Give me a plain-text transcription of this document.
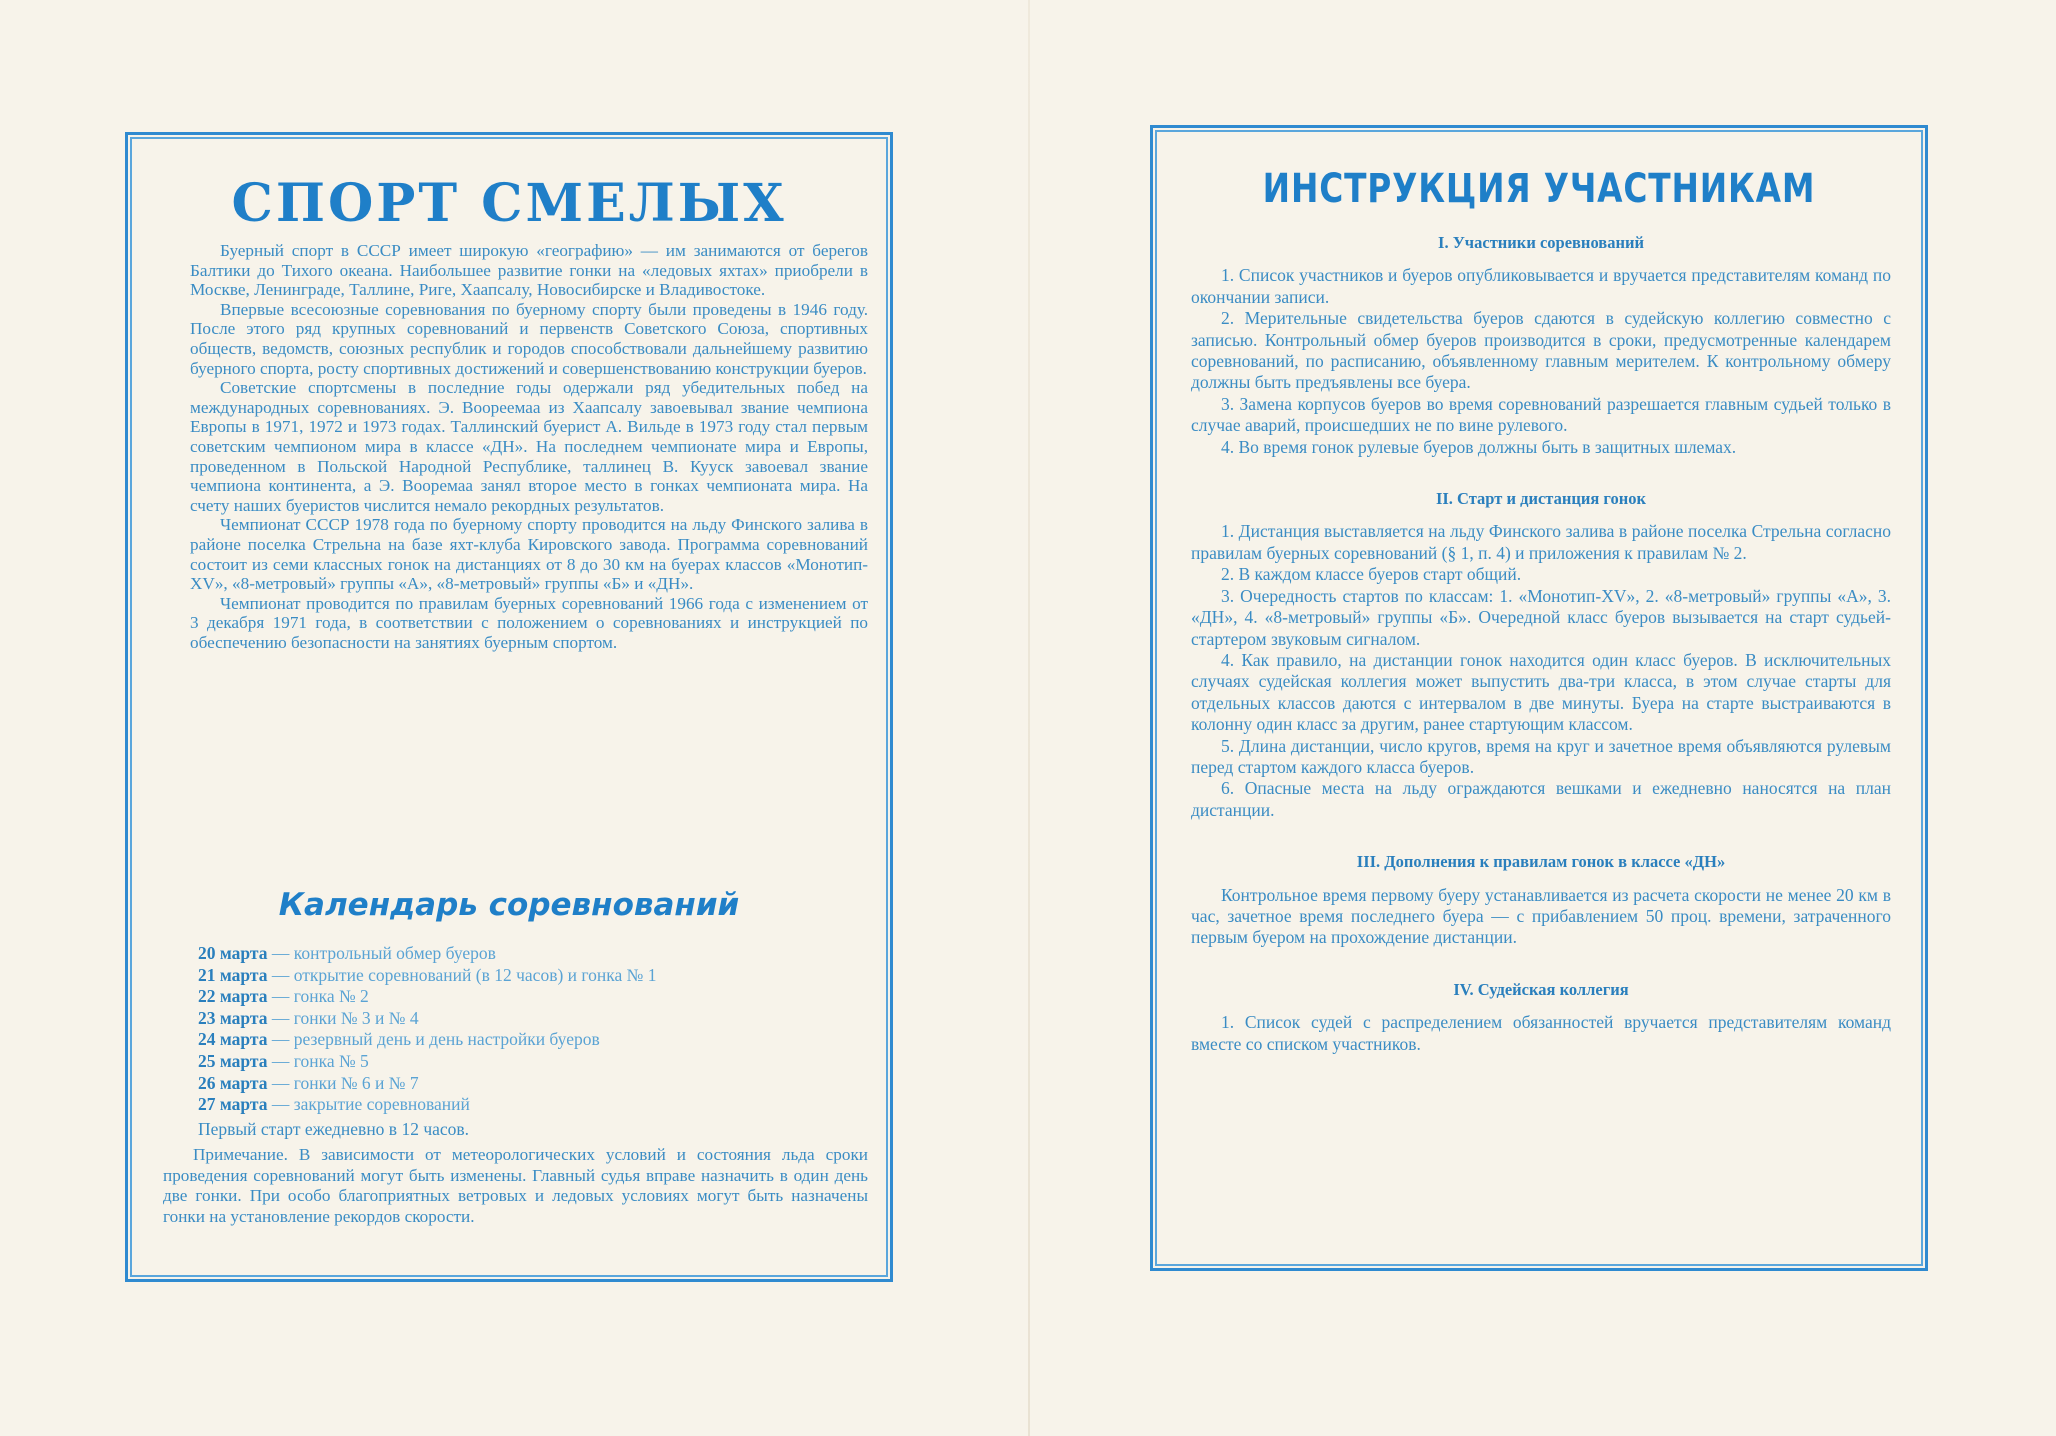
СПОРТ СМЕЛЫХ

Буерный спорт в СССР имеет широкую «географию» — им занимаются от берегов Балтики до Тихого океана. Наибольшее развитие гонки на «ледовых яхтах» приобрели в Москве, Ленинграде, Таллине, Риге, Хаапсалу, Новосибирске и Владивостоке.

Впервые всесоюзные соревнования по буерному спорту были проведены в 1946 году. После этого ряд крупных соревнований и первенств Советского Союза, спортивных обществ, ведомств, союзных республик и городов способствовали дальнейшему развитию буерного спорта, росту спортивных достижений и совершенствованию конструкции буеров.

Советские спортсмены в последние годы одержали ряд убедительных побед на международных соревнованиях. Э. Воореемаа из Хаапсалу завоевывал звание чемпиона Европы в 1971, 1972 и 1973 годах. Таллинский буерист А. Вильде в 1973 году стал первым советским чемпионом мира в классе «ДН». На последнем чемпионате мира и Европы, проведенном в Польской Народной Республике, таллинец В. Кууск завоевал звание чемпиона континента, а Э. Вооремаа занял второе место в гонках чемпионата мира. На счету наших буеристов числится немало рекордных результатов.

Чемпионат СССР 1978 года по буерному спорту проводится на льду Финского залива в районе поселка Стрельна на базе яхт-клуба Кировского завода. Программа соревнований состоит из семи классных гонок на дистанциях от 8 до 30 км на буерах классов «Монотип-XV», «8-метровый» группы «А», «8-метровый» группы «Б» и «ДН».

Чемпионат проводится по правилам буерных соревнований 1966 года с изменением от 3 декабря 1971 года, в соответствии с положением о соревнованиях и инструкцией по обеспечению безопасности на занятиях буерным спортом.

Календарь соревнований
20 марта — контрольный обмер буеров
21 марта — открытие соревнований (в 12 часов) и гонка № 1
22 марта — гонка № 2
23 марта — гонки № 3 и № 4
24 марта — резервный день и день настройки буеров
25 марта — гонка № 5
26 марта — гонки № 6 и № 7
27 марта — закрытие соревнований
Первый старт ежедневно в 12 часов.

Примечание. В зависимости от метеорологических условий и состояния льда сроки проведения соревнований могут быть изменены. Главный судья вправе назначить в один день две гонки. При особо благоприятных ветровых и ледовых условиях могут быть назначены гонки на установление рекордов скорости.

ИНСТРУКЦИЯ УЧАСТНИКАМ

I. Участники соревнований

1. Список участников и буеров опубликовывается и вручается представителям команд по окончании записи.

2. Мерительные свидетельства буеров сдаются в судейскую коллегию совместно с записью. Контрольный обмер буеров производится в сроки, предусмотренные календарем соревнований, по расписанию, объявленному главным мерителем. К контрольному обмеру должны быть предъявлены все буера.

3. Замена корпусов буеров во время соревнований разрешается главным судьей только в случае аварий, происшедших не по вине рулевого.

4. Во время гонок рулевые буеров должны быть в защитных шлемах.

II. Старт и дистанция гонок

1. Дистанция выставляется на льду Финского залива в районе поселка Стрельна согласно правилам буерных соревнований (§ 1, п. 4) и приложения к правилам № 2.

2. В каждом классе буеров старт общий.

3. Очередность стартов по классам: 1. «Монотип-XV», 2. «8-метровый» группы «А», 3. «ДН», 4. «8-метровый» группы «Б». Очередной класс буеров вызывается на старт судьей-стартером звуковым сигналом.

4. Как правило, на дистанции гонок находится один класс буеров. В исключительных случаях судейская коллегия может выпустить два-три класса, в этом случае старты для отдельных классов даются с интервалом в две минуты. Буера на старте выстраиваются в колонну один класс за другим, ранее стартующим классом.

5. Длина дистанции, число кругов, время на круг и зачетное время объявляются рулевым перед стартом каждого класса буеров.

6. Опасные места на льду ограждаются вешками и ежедневно наносятся на план дистанции.

III. Дополнения к правилам гонок в классе «ДН»

Контрольное время первому буеру устанавливается из расчета скорости не менее 20 км в час, зачетное время последнего буера — с прибавлением 50 проц. времени, затраченного первым буером на прохождение дистанции.

IV. Судейская коллегия

1. Список судей с распределением обязанностей вручается представителям команд вместе со списком участников.
